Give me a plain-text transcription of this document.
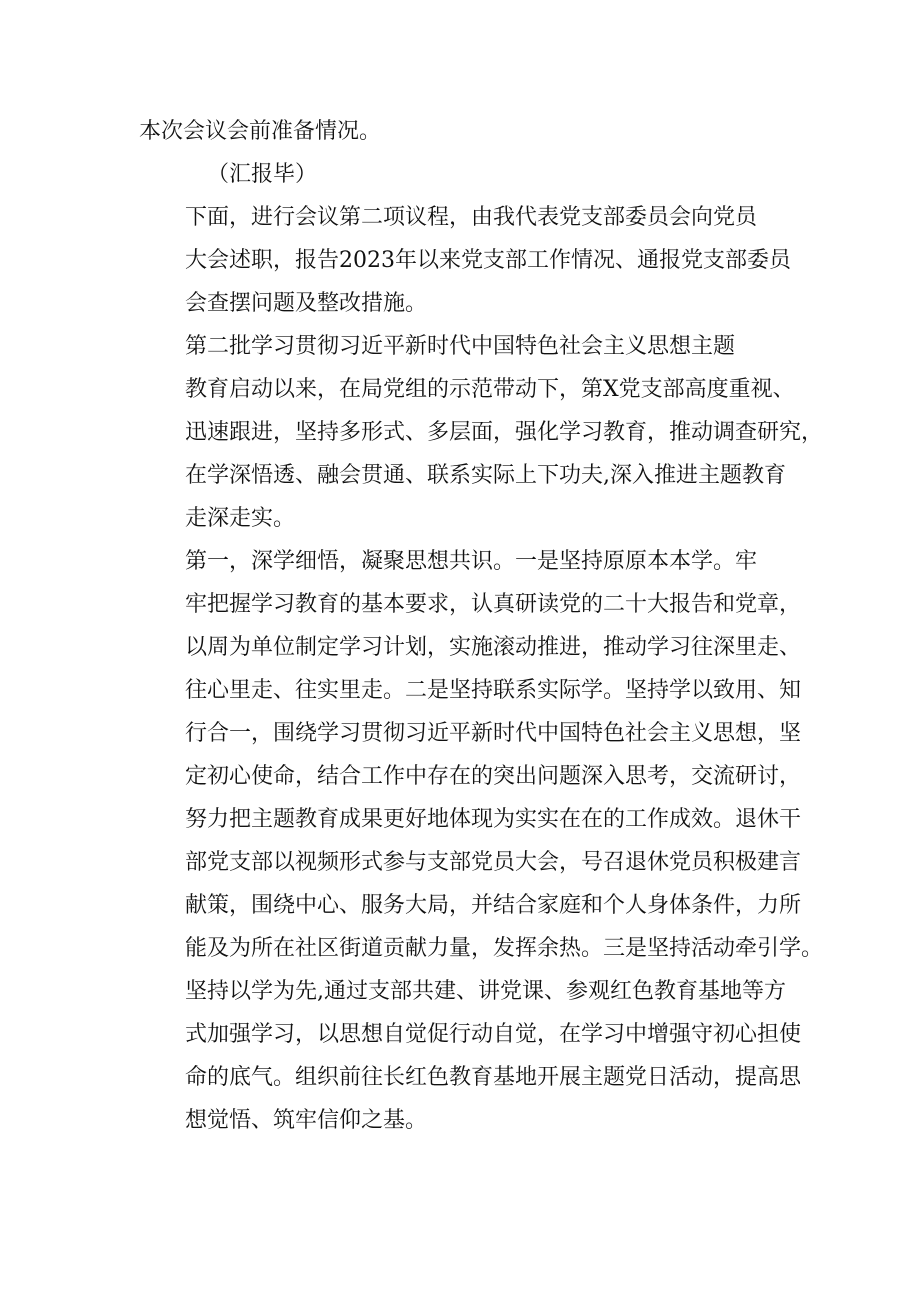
本次会议会前准备情况。

（汇报毕）

下面，进行会议第二项议程，由我代表党支部委员会向党员
大会述职，报告2023年以来党支部工作情况、通报党支部委员
会查摆问题及整改措施。

第二批学习贯彻习近平新时代中国特色社会主义思想主题
教育启动以来，在局党组的示范带动下，第X党支部高度重视、
迅速跟进，坚持多形式、多层面，强化学习教育，推动调查研究，
在学深悟透、融会贯通、联系实际上下功夫,深入推进主题教育
走深走实。

第一，深学细悟，凝聚思想共识。一是坚持原原本本学。牢
牢把握学习教育的基本要求，认真研读党的二十大报告和党章，
以周为单位制定学习计划，实施滚动推进，推动学习往深里走、
往心里走、往实里走。二是坚持联系实际学。坚持学以致用、知
行合一，围绕学习贯彻习近平新时代中国特色社会主义思想，坚
定初心使命，结合工作中存在的突出问题深入思考，交流研讨，
努力把主题教育成果更好地体现为实实在在的工作成效。退休干
部党支部以视频形式参与支部党员大会，号召退休党员积极建言
献策，围绕中心、服务大局，并结合家庭和个人身体条件，力所
能及为所在社区街道贡献力量，发挥余热。三是坚持活动牵引学。
坚持以学为先,通过支部共建、讲党课、参观红色教育基地等方
式加强学习，以思想自觉促行动自觉，在学习中增强守初心担使
命的底气。组织前往长红色教育基地开展主题党日活动，提高思
想觉悟、筑牢信仰之基。
